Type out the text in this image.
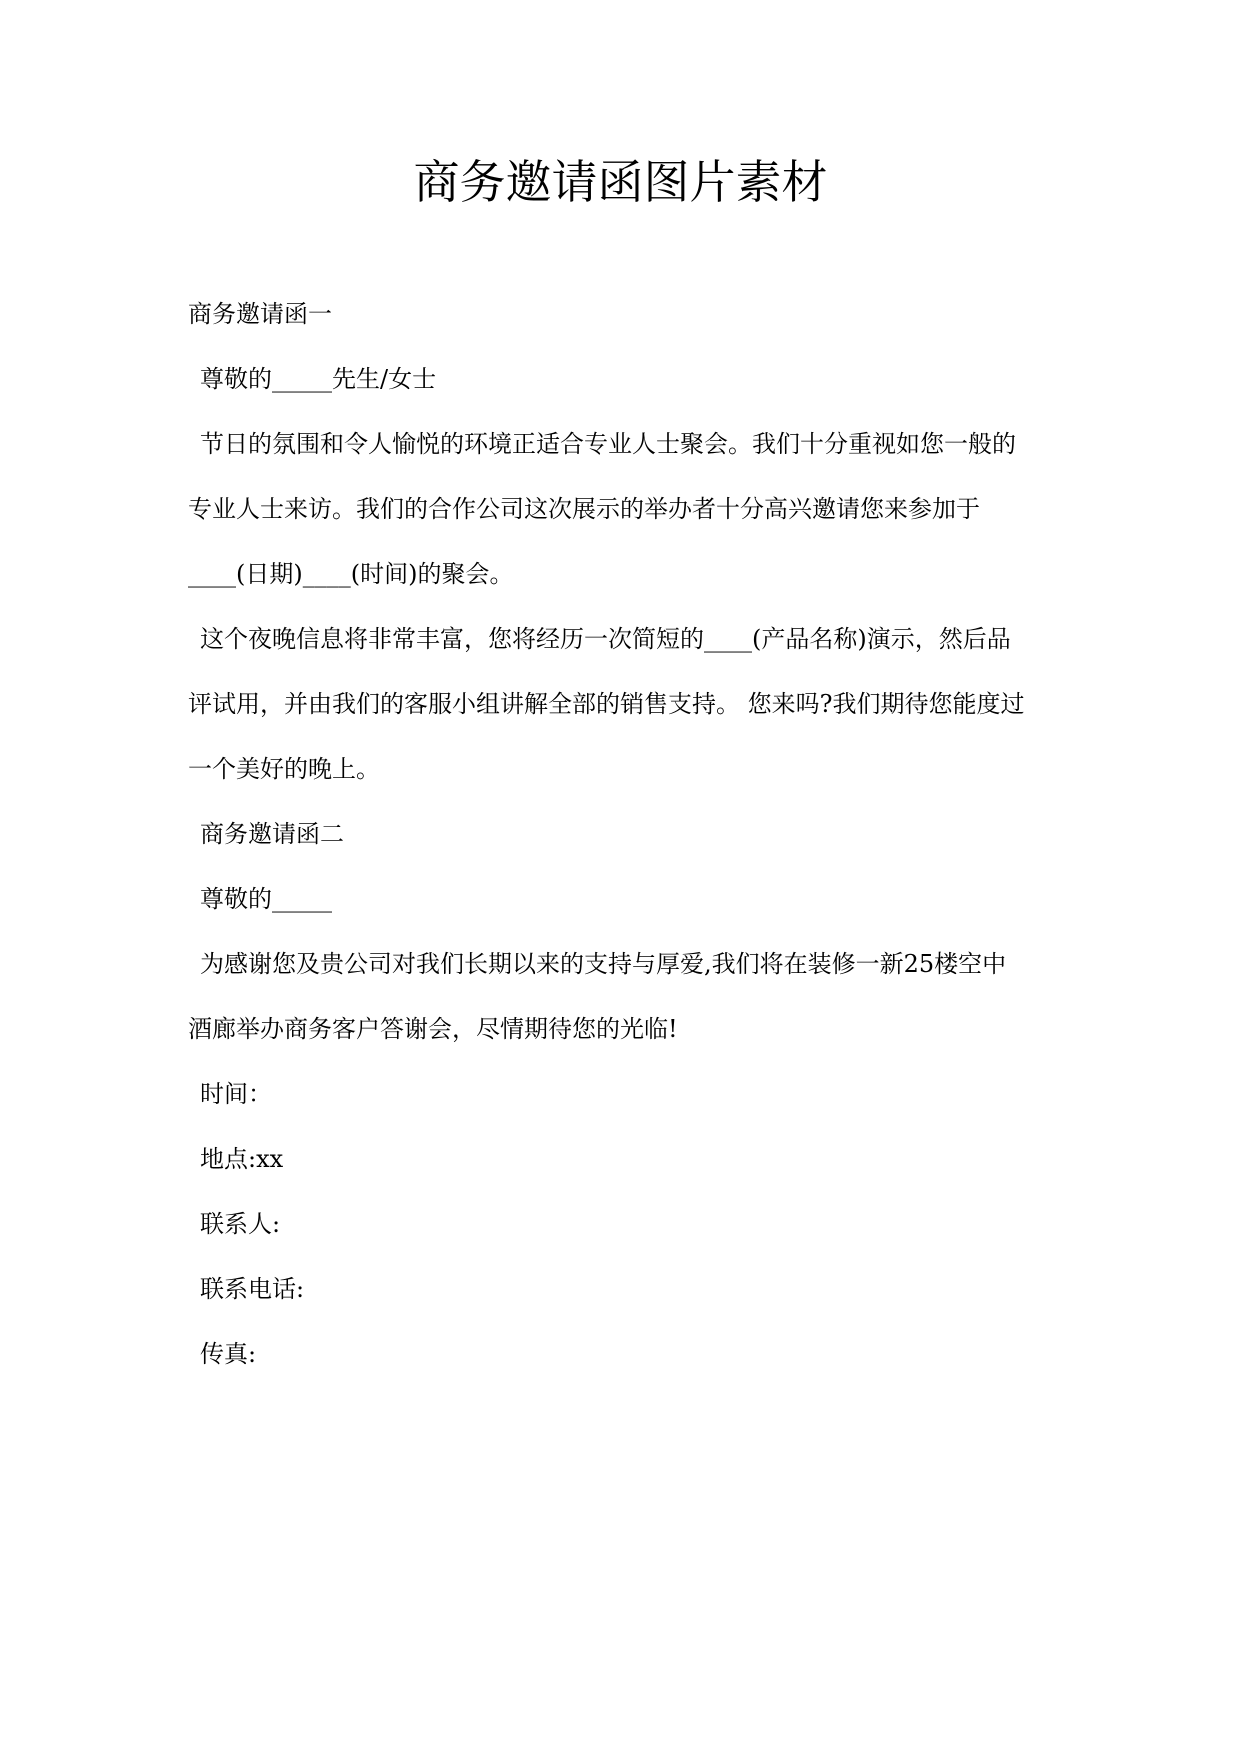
商务邀请函图片素材
商务邀请函一
尊敬的_____先生/女士
节日的氛围和令人愉悦的环境正适合专业人士聚会。我们十分重视如您一般的
专业人士来访。我们的合作公司这次展示的举办者十分高兴邀请您来参加于
____(日期)____(时间)的聚会。
这个夜晚信息将非常丰富，您将经历一次简短的____(产品名称)演示，然后品
评试用，并由我们的客服小组讲解全部的销售支持。 您来吗?我们期待您能度过
一个美好的晚上。
商务邀请函二
尊敬的_____
为感谢您及贵公司对我们长期以来的支持与厚爱,我们将在装修一新25楼空中
酒廊举办商务客户答谢会，尽情期待您的光临!
时间：
地点:xx
联系人:
联系电话:
传真:
